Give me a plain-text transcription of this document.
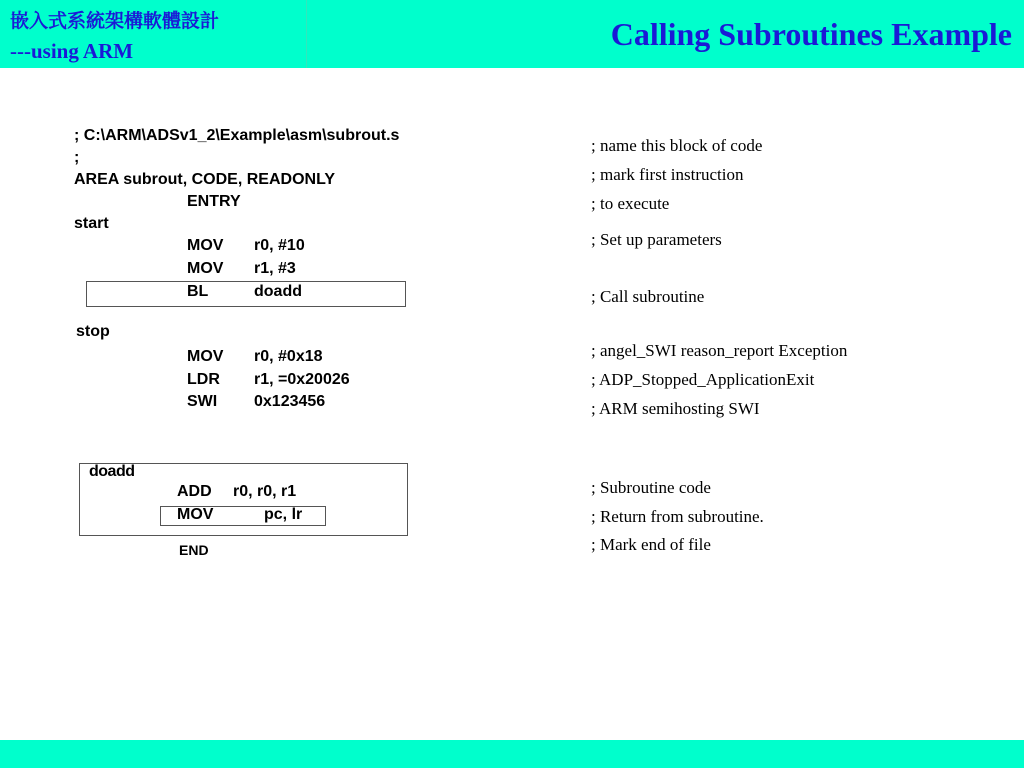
嵌入式系統架構軟體設計
---using ARM	Calling Subroutines Example
; C:\ARM\ADSv1_2\Example\asm\subrout.s
;
AREA subrout, CODE, READONLY
ENTRY
start
MOV r0, #10
MOV r1, #3
BL	doadd
stop
MOV r0, #0x18
LDR r1, =0x20026
SWI 0x123456
doadd
ADD r0, r0, r1
MOV	pc, lr
END
; name this block of code
; mark first instruction
; to execute
; Set up parameters
; Call subroutine
; angel_SWI reason_report Exception
; ADP_Stopped_ApplicationExit
; ARM semihosting SWI
; Subroutine code
; Return from subroutine.
; Mark end of file
